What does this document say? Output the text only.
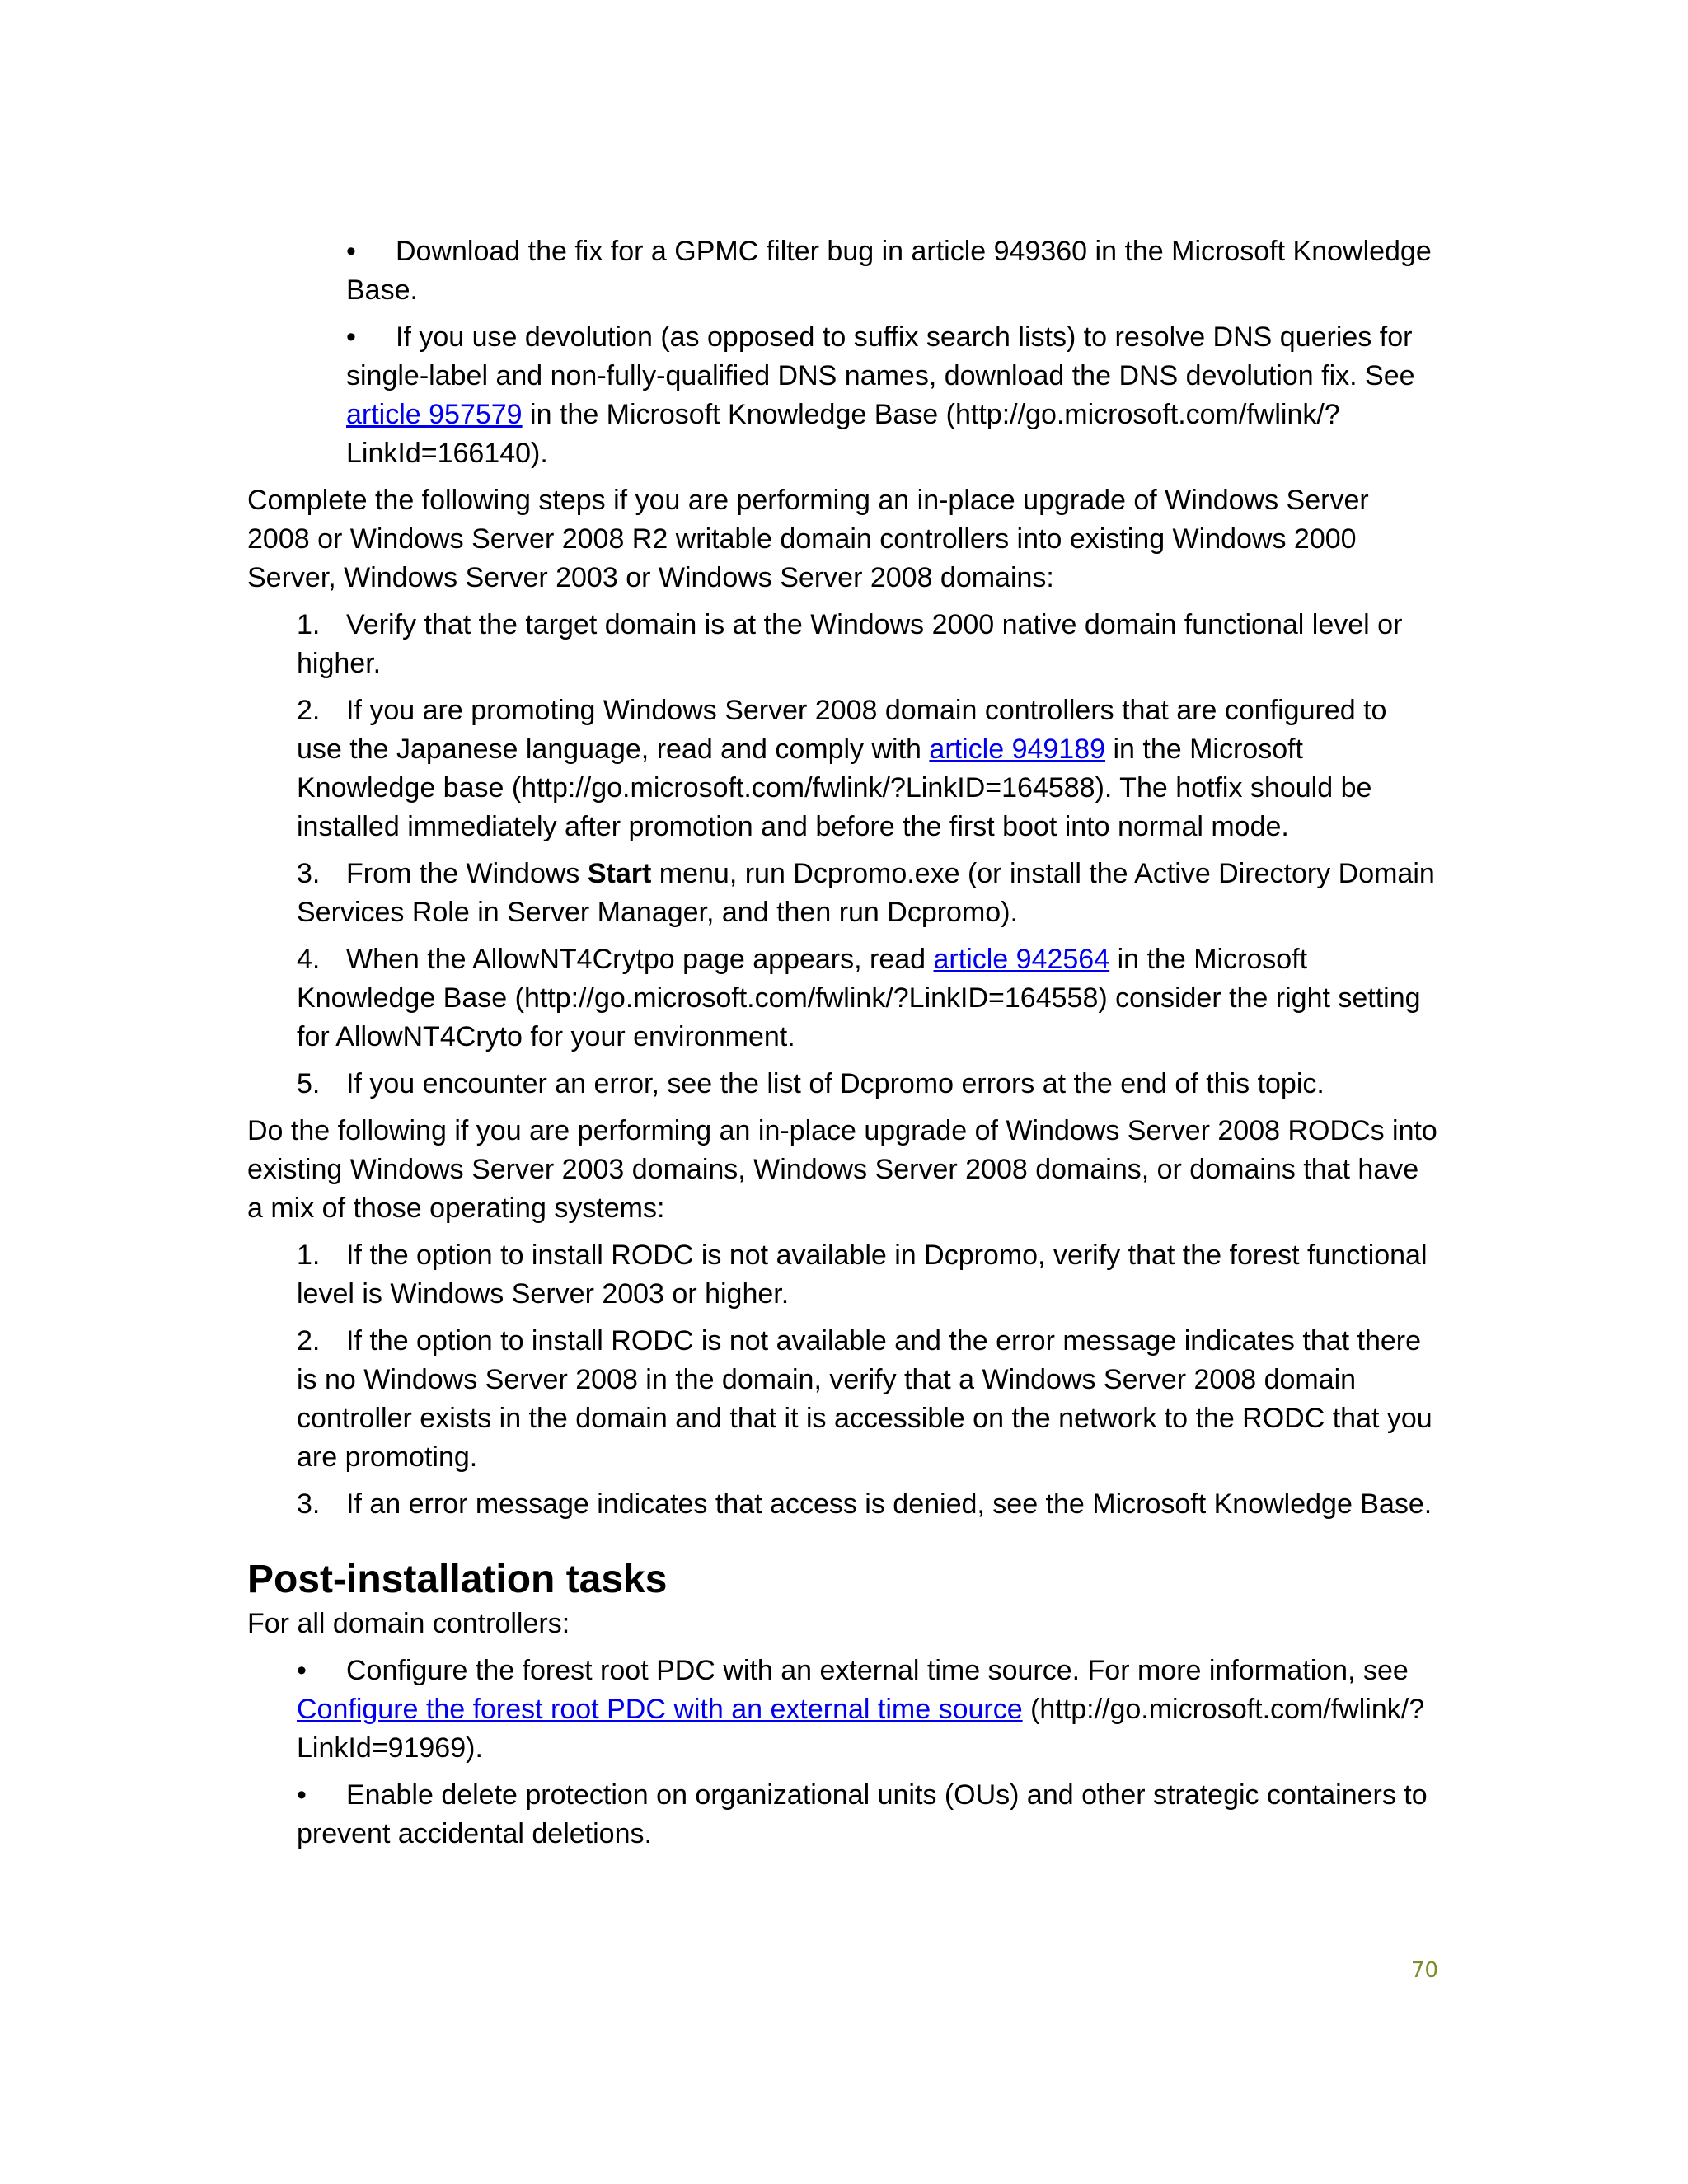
• Download the fix for a GPMC filter bug in article 949360 in the Microsoft Knowledge Base.

• If you use devolution (as opposed to suffix search lists) to resolve DNS queries for single-label and non-fully-qualified DNS names, download the DNS devolution fix. See article 957579 in the Microsoft Knowledge Base (http://go.microsoft.com/fwlink/?LinkId=166140).

Complete the following steps if you are performing an in-place upgrade of Windows Server 2008 or Windows Server 2008 R2 writable domain controllers into existing Windows 2000 Server, Windows Server 2003 or Windows Server 2008 domains:

1. Verify that the target domain is at the Windows 2000 native domain functional level or higher.

2. If you are promoting Windows Server 2008 domain controllers that are configured to use the Japanese language, read and comply with article 949189 in the Microsoft Knowledge base (http://go.microsoft.com/fwlink/?LinkID=164588). The hotfix should be installed immediately after promotion and before the first boot into normal mode.

3. From the Windows Start menu, run Dcpromo.exe (or install the Active Directory Domain Services Role in Server Manager, and then run Dcpromo).

4. When the AllowNT4Crytpo page appears, read article 942564 in the Microsoft Knowledge Base (http://go.microsoft.com/fwlink/?LinkID=164558) consider the right setting for AllowNT4Cryto for your environment.

5. If you encounter an error, see the list of Dcpromo errors at the end of this topic.

Do the following if you are performing an in-place upgrade of Windows Server 2008 RODCs into existing Windows Server 2003 domains, Windows Server 2008 domains, or domains that have a mix of those operating systems:

1. If the option to install RODC is not available in Dcpromo, verify that the forest functional level is Windows Server 2003 or higher.

2. If the option to install RODC is not available and the error message indicates that there is no Windows Server 2008 in the domain, verify that a Windows Server 2008 domain controller exists in the domain and that it is accessible on the network to the RODC that you are promoting.

3. If an error message indicates that access is denied, see the Microsoft Knowledge Base.

Post-installation tasks

For all domain controllers:

• Configure the forest root PDC with an external time source. For more information, see Configure the forest root PDC with an external time source (http://go.microsoft.com/fwlink/?LinkId=91969).

• Enable delete protection on organizational units (OUs) and other strategic containers to prevent accidental deletions.

70
